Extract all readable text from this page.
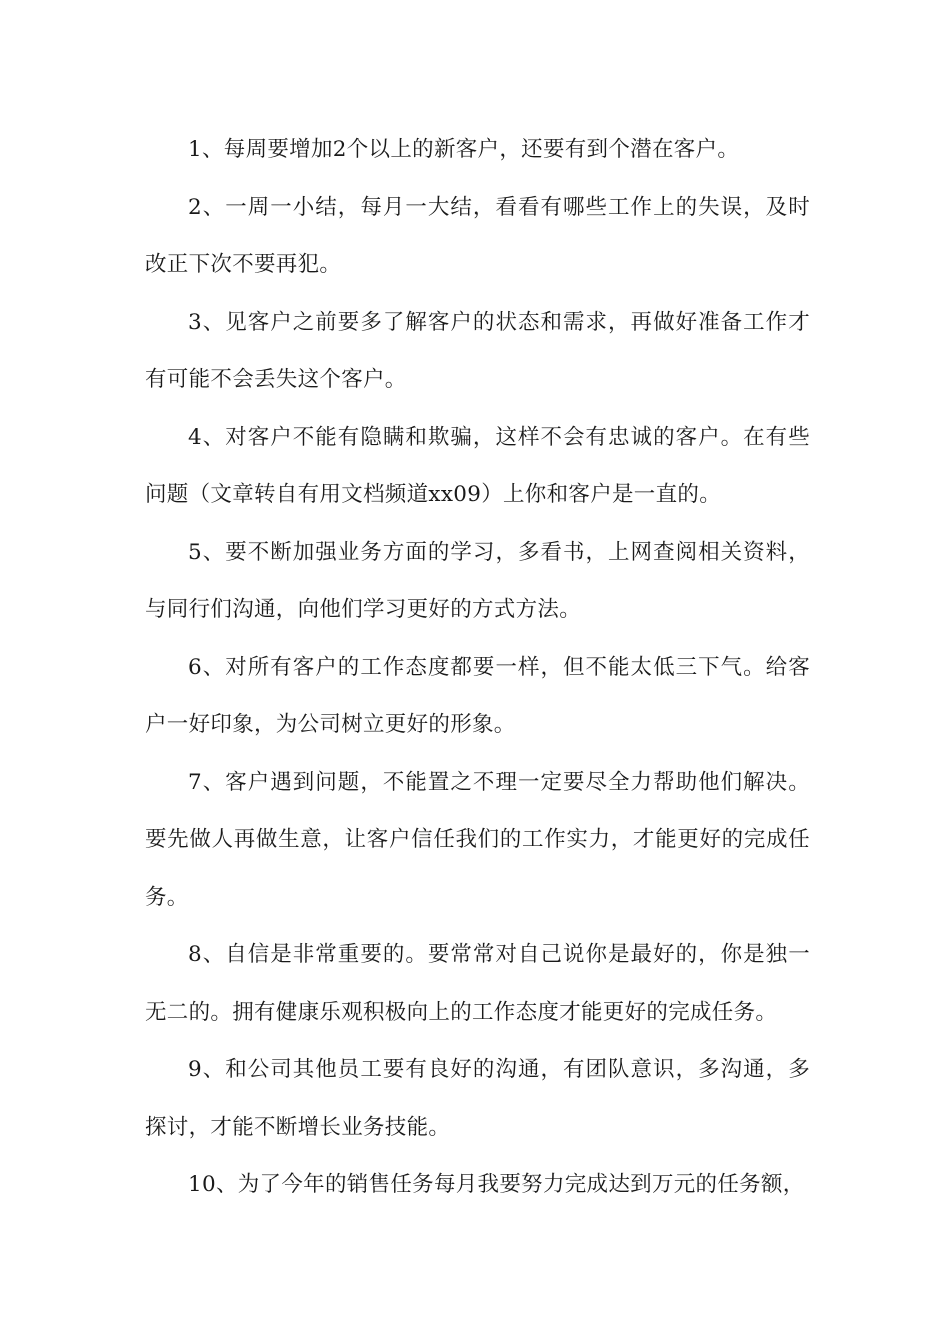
1、每周要增加2个以上的新客户，还要有到个潜在客户。

2、一周一小结，每月一大结，看看有哪些工作上的失误，及时改正下次不要再犯。

3、见客户之前要多了解客户的状态和需求，再做好准备工作才有可能不会丢失这个客户。

4、对客户不能有隐瞒和欺骗，这样不会有忠诚的客户。在有些问题（文章转自有用文档频道xx09）上你和客户是一直的。

5、要不断加强业务方面的学习，多看书，上网查阅相关资料，与同行们沟通，向他们学习更好的方式方法。

6、对所有客户的工作态度都要一样，但不能太低三下气。给客户一好印象，为公司树立更好的形象。

7、客户遇到问题，不能置之不理一定要尽全力帮助他们解决。要先做人再做生意，让客户信任我们的工作实力，才能更好的完成任务。

8、自信是非常重要的。要常常对自己说你是最好的，你是独一无二的。拥有健康乐观积极向上的工作态度才能更好的完成任务。

9、和公司其他员工要有良好的沟通，有团队意识，多沟通，多探讨，才能不断增长业务技能。

10、为了今年的销售任务每月我要努力完成达到万元的任务额，
